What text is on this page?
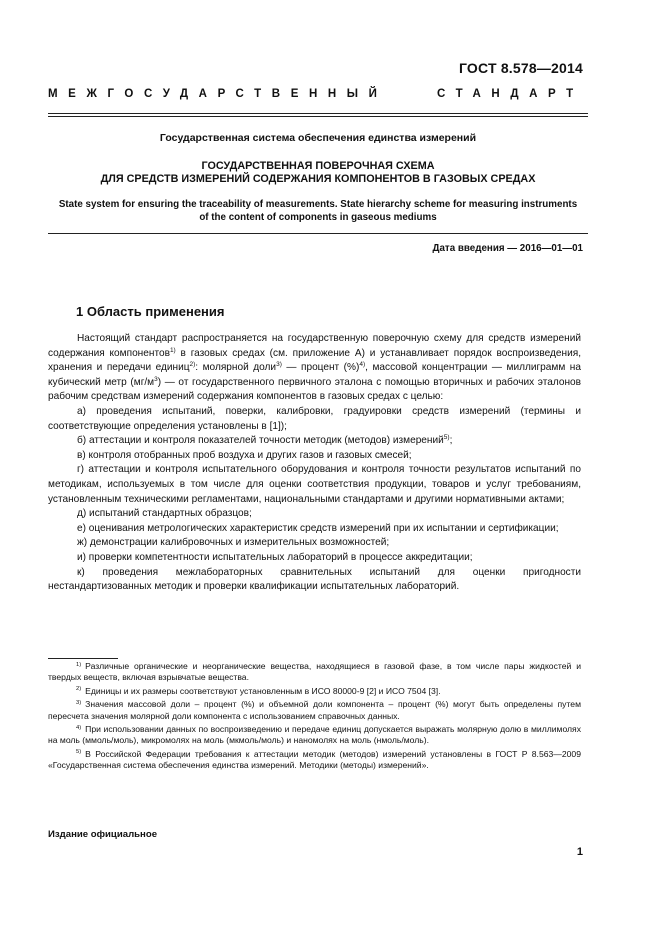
ГОСТ 8.578—2014
МЕЖГОСУДАРСТВЕННЫЙ	СТАНДАРТ
Государственная система обеспечения единства измерений
ГОСУДАРСТВЕННАЯ ПОВЕРОЧНАЯ СХЕМА
ДЛЯ СРЕДСТВ ИЗМЕРЕНИЙ СОДЕРЖАНИЯ КОМПОНЕНТОВ В ГАЗОВЫХ СРЕДАХ
State system for ensuring the traceability of measurements. State hierarchy scheme for measuring instruments
of the content of components in gaseous mediums
Дата введения — 2016—01—01
1 Область применения

Настоящий стандарт распространяется на государственную поверочную схему для средств измерений содержания компонентов$^{1)}$ в газовых средах (см. приложение А) и устанавливает порядок воспроизведения, хранения и передачи единиц$^{2)}$: молярной доли$^{3)}$ — процент (%)$^{4)}$, массовой концентрации — миллиграмм на кубический метр $(мг/м^3)$ — от государственного первичного эталона с помощью вторичных и рабочих эталонов рабочим средствам измерений содержания компонентов в газовых средах с целью:

а) проведения испытаний, поверки, калибровки, градуировки средств измерений (термины и соответствующие определения установлены в [1]);

б) аттестации и контроля показателей точности методик (методов) измерений$^{5)}$;

в) контроля отобранных проб воздуха и других газов и газовых смесей;

г) аттестации и контроля испытательного оборудования и контроля точности результатов испытаний по методикам, используемых в том числе для оценки соответствия продукции, товаров и услуг требованиям, установленным техническими регламентами, национальными стандартами и другими нормативными актами;

д) испытаний стандартных образцов;

е) оценивания метрологических характеристик средств измерений при их испытании и сертификации;

ж) демонстрации калибровочных и измерительных возможностей;

и) проверки компетентности испытательных лабораторий в процессе аккредитации;

к) проведения межлабораторных сравнительных испытаний для оценки пригодности нестандартизованных методик и проверки квалификации испытательных лабораторий.

$^{1)}$ Различные органические и неорганические вещества, находящиеся в газовой фазе, в том числе пары жидкостей и твердых веществ, включая взрывчатые вещества.

$^{2)}$ Единицы и их размеры соответствуют установленным в ИСО 80000-9 [2] и ИСО 7504 [3].

$^{3)}$ Значения массовой доли – процент (%) и объемной доли компонента – процент (%) могут быть определены путем пересчета значения молярной доли компонента с использованием справочных данных.

$^{4)}$ При использовании данных по воспроизведению и передаче единиц допускается выражать молярную долю в миллимолях на моль (ммоль/моль), микромолях на моль (мкмоль/моль) и наномолях на моль (нмоль/моль).

$^{5)}$ В Российской Федерации требования к аттестации методик (методов) измерений установлены в ГОСТ Р 8.563—2009 «Государственная система обеспечения единства измерений. Методики (методы) измерений».

Издание официальное
1
